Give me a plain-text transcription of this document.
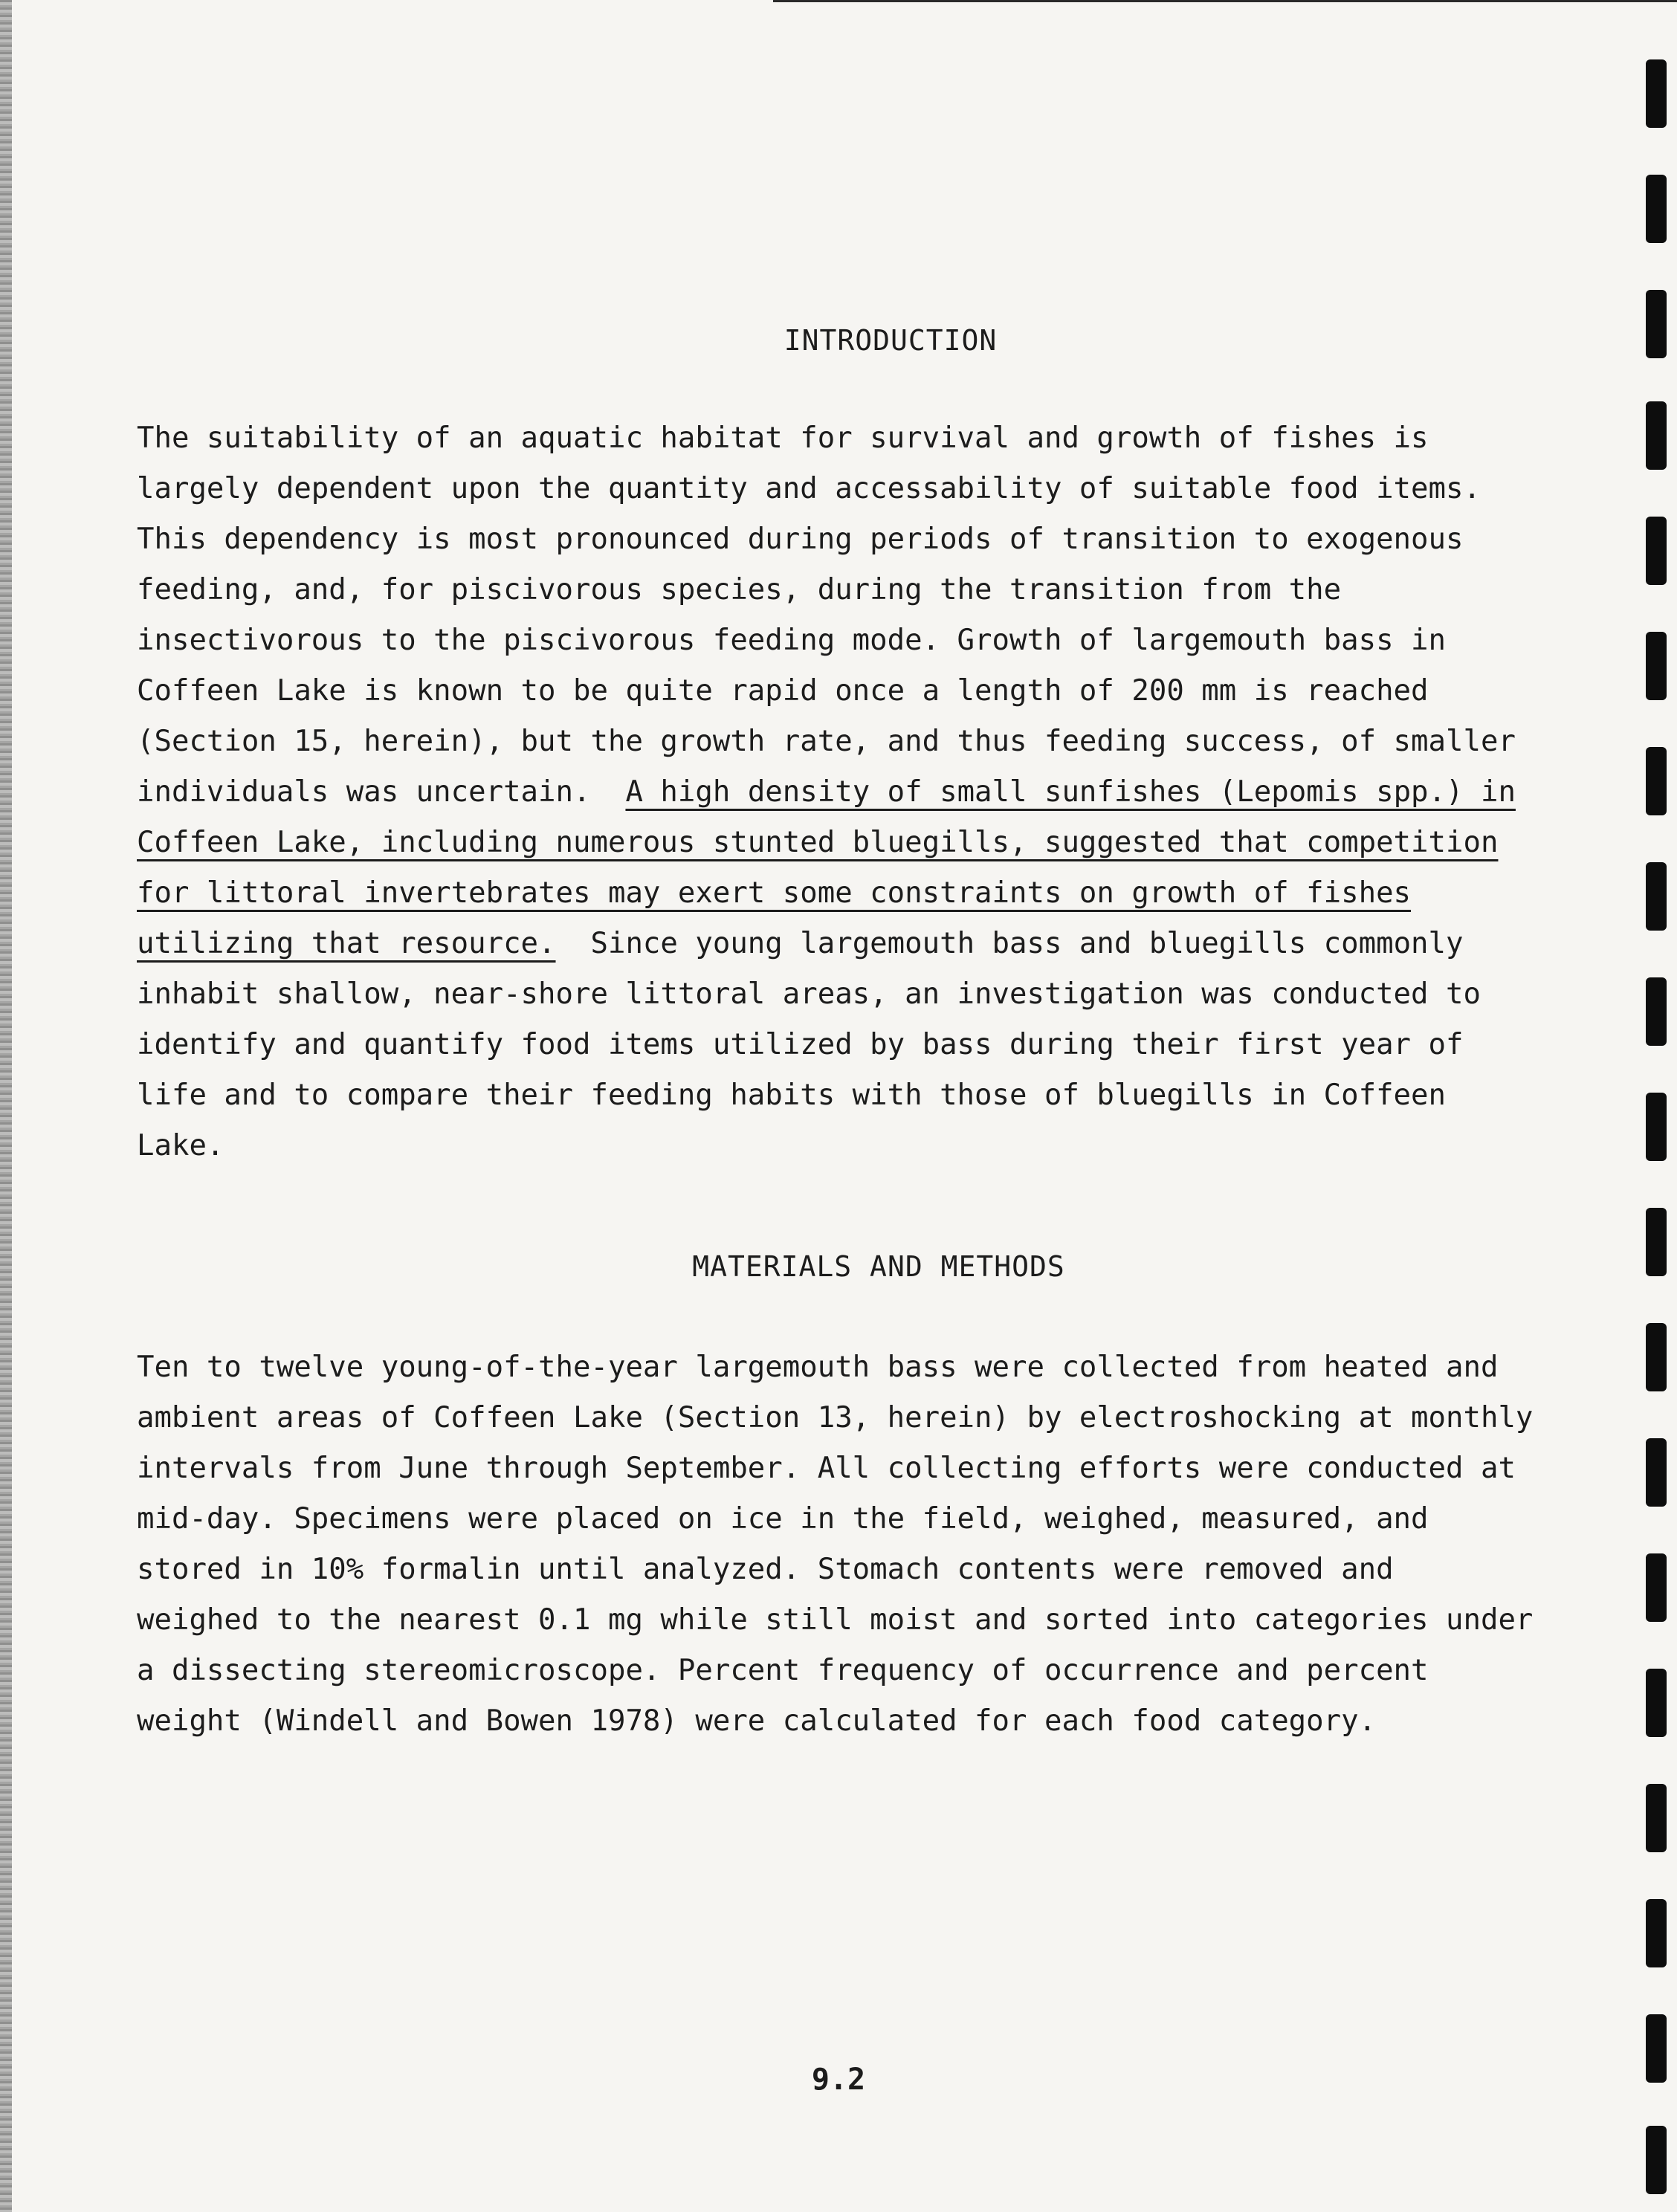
INTRODUCTION

The suitability of an aquatic habitat for survival and growth of fishes is
largely dependent upon the quantity and accessability of suitable food items.
This dependency is most pronounced during periods of transition to exogenous
feeding, and, for piscivorous species, during the transition from the
insectivorous to the piscivorous feeding mode. Growth of largemouth bass in
Coffeen Lake is known to be quite rapid once a length of 200 mm is reached
(Section 15, herein), but the growth rate, and thus feeding success, of smaller
individuals was uncertain.  A high density of small sunfishes (Lepomis spp.) in
Coffeen Lake, including numerous stunted bluegills, suggested that competition
for littoral invertebrates may exert some constraints on growth of fishes
utilizing that resource.  Since young largemouth bass and bluegills commonly
inhabit shallow, near-shore littoral areas, an investigation was conducted to
identify and quantify food items utilized by bass during their first year of
life and to compare their feeding habits with those of bluegills in Coffeen
Lake.

MATERIALS AND METHODS

Ten to twelve young-of-the-year largemouth bass were collected from heated and
ambient areas of Coffeen Lake (Section 13, herein) by electroshocking at monthly
intervals from June through September. All collecting efforts were conducted at
mid-day. Specimens were placed on ice in the field, weighed, measured, and
stored in 10% formalin until analyzed. Stomach contents were removed and
weighed to the nearest 0.1 mg while still moist and sorted into categories under
a dissecting stereomicroscope. Percent frequency of occurrence and percent
weight (Windell and Bowen 1978) were calculated for each food category.

9.2
